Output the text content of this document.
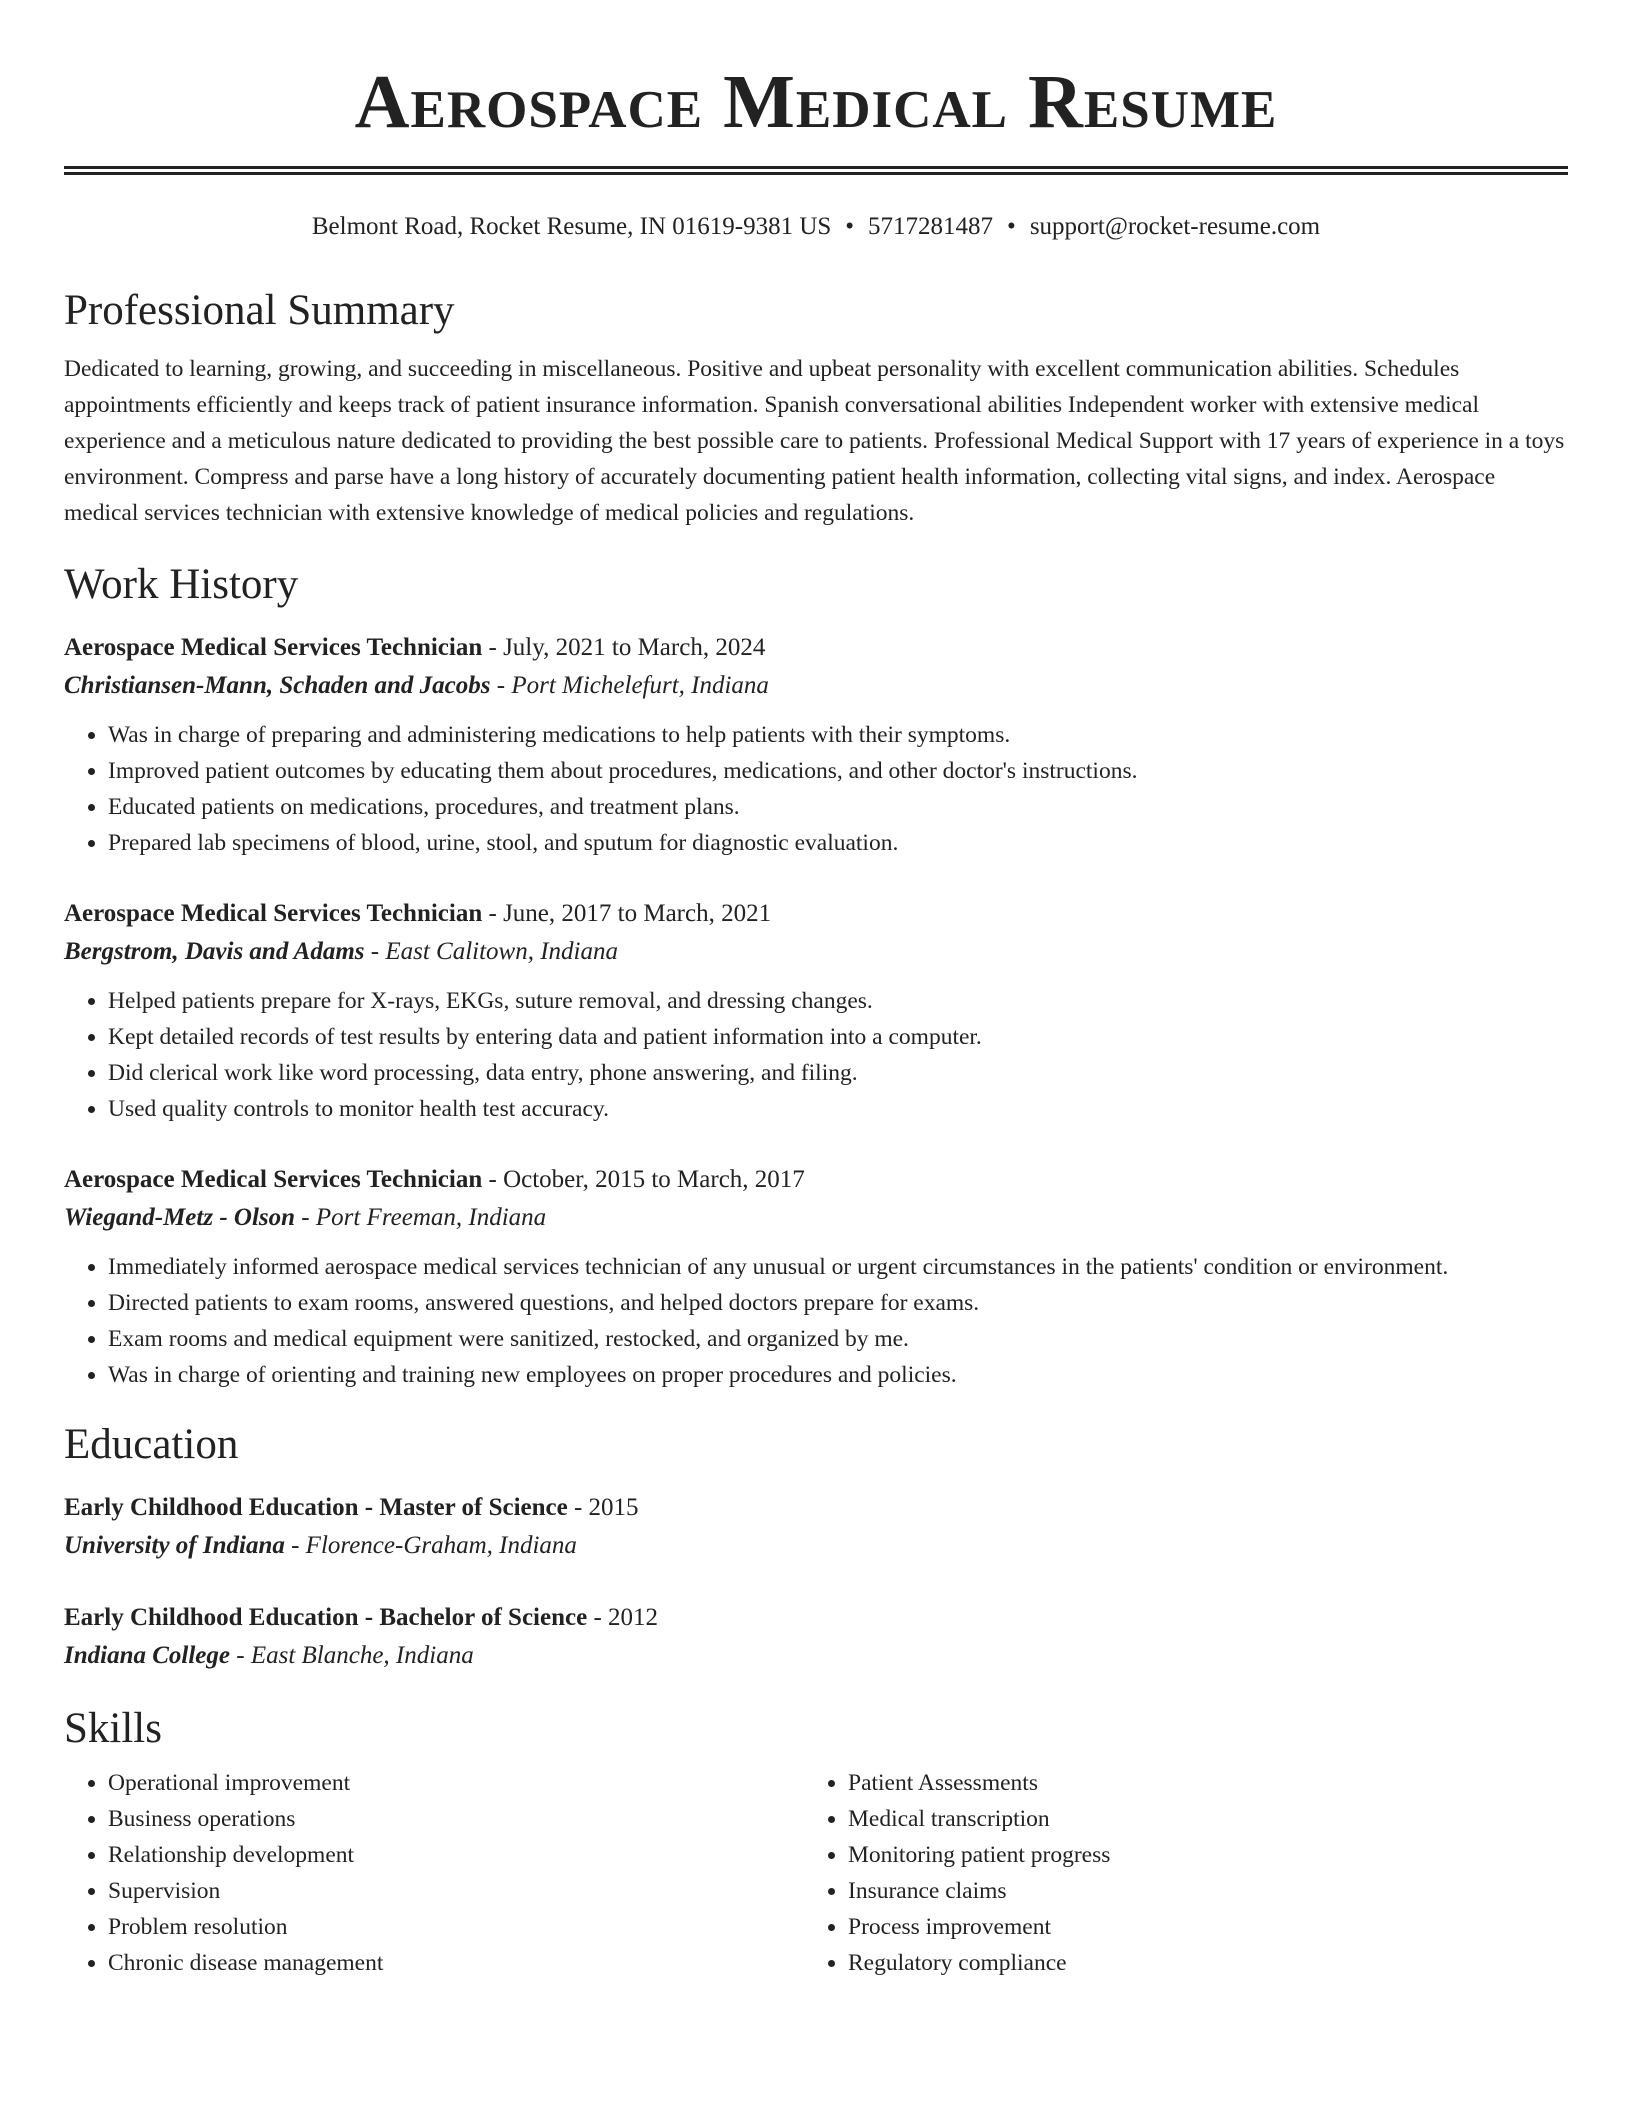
Aerospace Medical Resume
Belmont Road, Rocket Resume, IN 01619-9381 US • 5717281487 • support@rocket-resume.com
Professional Summary

Dedicated to learning, growing, and succeeding in miscellaneous. Positive and upbeat personality with excellent communication abilities. Schedules appointments efficiently and keeps track of patient insurance information. Spanish conversational abilities Independent worker with extensive medical experience and a meticulous nature dedicated to providing the best possible care to patients. Professional Medical Support with 17 years of experience in a toys environment. Compress and parse have a long history of accurately documenting patient health information, collecting vital signs, and index. Aerospace medical services technician with extensive knowledge of medical policies and regulations.

Work History
Aerospace Medical Services Technician - July, 2021 to March, 2024
Christiansen-Mann, Schaden and Jacobs - Port Michelefurt, Indiana
• Was in charge of preparing and administering medications to help patients with their symptoms.
• Improved patient outcomes by educating them about procedures, medications, and other doctor's instructions.
• Educated patients on medications, procedures, and treatment plans.
• Prepared lab specimens of blood, urine, stool, and sputum for diagnostic evaluation.
Aerospace Medical Services Technician - June, 2017 to March, 2021
Bergstrom, Davis and Adams - East Calitown, Indiana
• Helped patients prepare for X-rays, EKGs, suture removal, and dressing changes.
• Kept detailed records of test results by entering data and patient information into a computer.
• Did clerical work like word processing, data entry, phone answering, and filing.
• Used quality controls to monitor health test accuracy.
Aerospace Medical Services Technician - October, 2015 to March, 2017
Wiegand-Metz - Olson - Port Freeman, Indiana
• Immediately informed aerospace medical services technician of any unusual or urgent circumstances in the patients' condition or environment.
• Directed patients to exam rooms, answered questions, and helped doctors prepare for exams.
• Exam rooms and medical equipment were sanitized, restocked, and organized by me.
• Was in charge of orienting and training new employees on proper procedures and policies.
Education
Early Childhood Education - Master of Science - 2015
University of Indiana - Florence-Graham, Indiana
Early Childhood Education - Bachelor of Science - 2012
Indiana College - East Blanche, Indiana
Skills
• Operational improvement
• Business operations
• Relationship development
• Supervision
• Problem resolution
• Chronic disease management
• Patient Assessments
• Medical transcription
• Monitoring patient progress
• Insurance claims
• Process improvement
• Regulatory compliance
